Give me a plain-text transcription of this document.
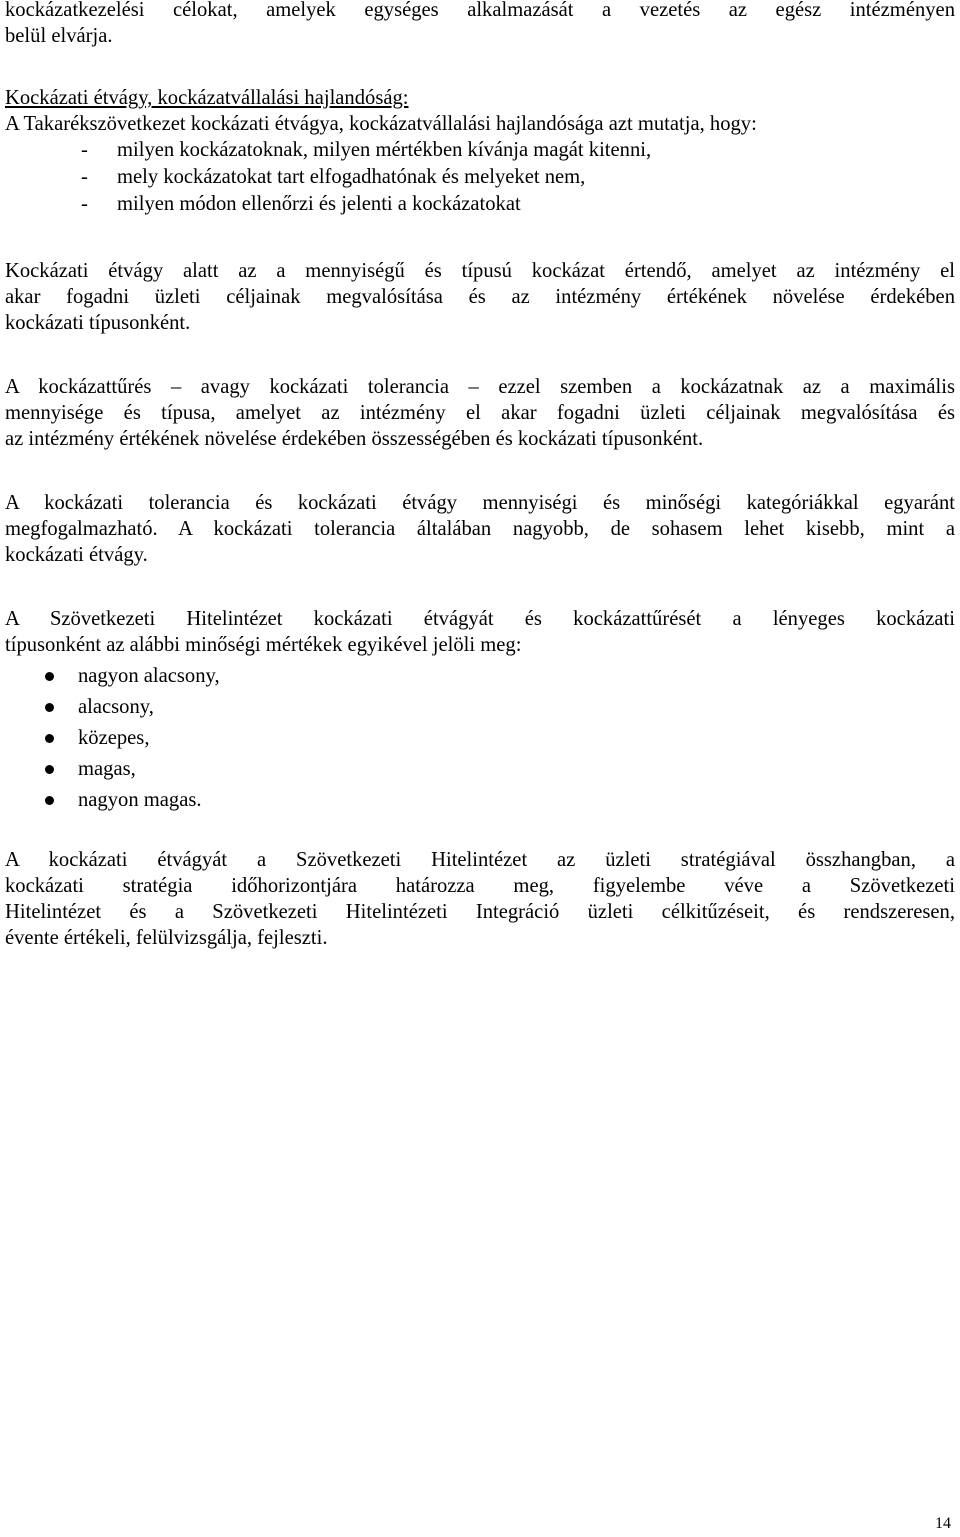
kockázatkezelési célokat, amelyek egységes alkalmazását a vezetés az egész intézményen
belül elvárja.
Kockázati étvágy, kockázatvállalási hajlandóság:
A Takarékszövetkezet kockázati étvágya, kockázatvállalási hajlandósága azt mutatja, hogy:
- milyen kockázatoknak, milyen mértékben kívánja magát kitenni,
- mely kockázatokat tart elfogadhatónak és melyeket nem,
- milyen módon ellenőrzi és jelenti a kockázatokat
Kockázati étvágy alatt az a mennyiségű és típusú kockázat értendő, amelyet az intézmény el
akar fogadni üzleti céljainak megvalósítása és az intézmény értékének növelése érdekében
kockázati típusonként.
A kockázattűrés – avagy kockázati tolerancia – ezzel szemben a kockázatnak az a maximális
mennyisége és típusa, amelyet az intézmény el akar fogadni üzleti céljainak megvalósítása és
az intézmény értékének növelése érdekében összességében és kockázati típusonként.
A kockázati tolerancia és kockázati étvágy mennyiségi és minőségi kategóriákkal egyaránt
megfogalmazható. A kockázati tolerancia általában nagyobb, de sohasem lehet kisebb, mint a
kockázati étvágy.
A Szövetkezeti Hitelintézet kockázati étvágyát és kockázattűrését a lényeges kockázati
típusonként az alábbi minőségi mértékek egyikével jelöli meg:
nagyon alacsony,
alacsony,
közepes,
magas,
nagyon magas.
A kockázati étvágyát a Szövetkezeti Hitelintézet az üzleti stratégiával összhangban, a
kockázati stratégia időhorizontjára határozza meg, figyelembe véve a Szövetkezeti
Hitelintézet és a Szövetkezeti Hitelintézeti Integráció üzleti célkitűzéseit, és rendszeresen,
évente értékeli, felülvizsgálja, fejleszti.
14
